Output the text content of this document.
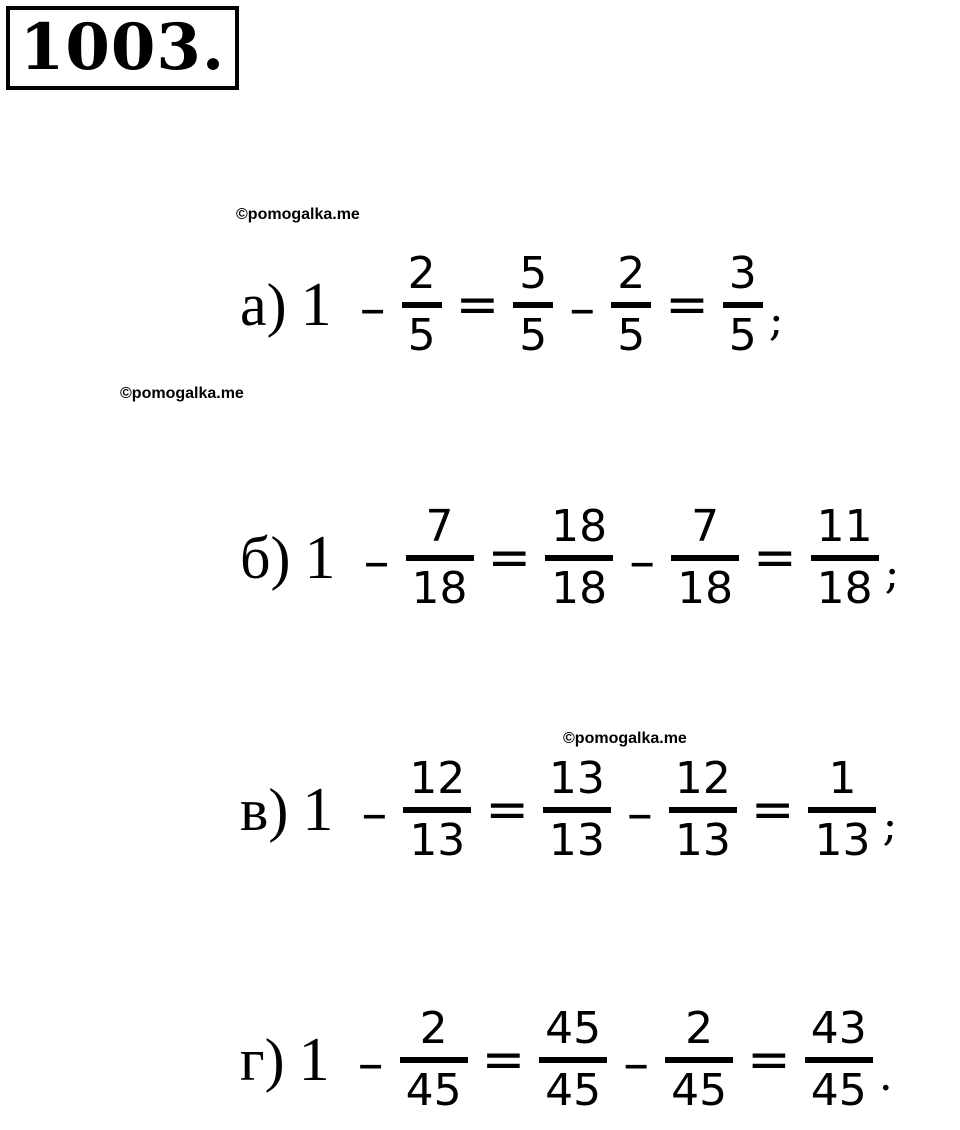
1003.
©pomogalka.me
©pomogalka.me
©pomogalka.me
а) 1 –
2
5
=
5
5 –
2
5
=
3
5 ;
б) 1 –
7
18
=
18
18 –
7
18
=
11
18 ;
в) 1 –
12
13
=
13
13 –
12
13
=
1
13 ;
г) 1 –
2
45
=
45
45 –
2
45
=
43
45 .
